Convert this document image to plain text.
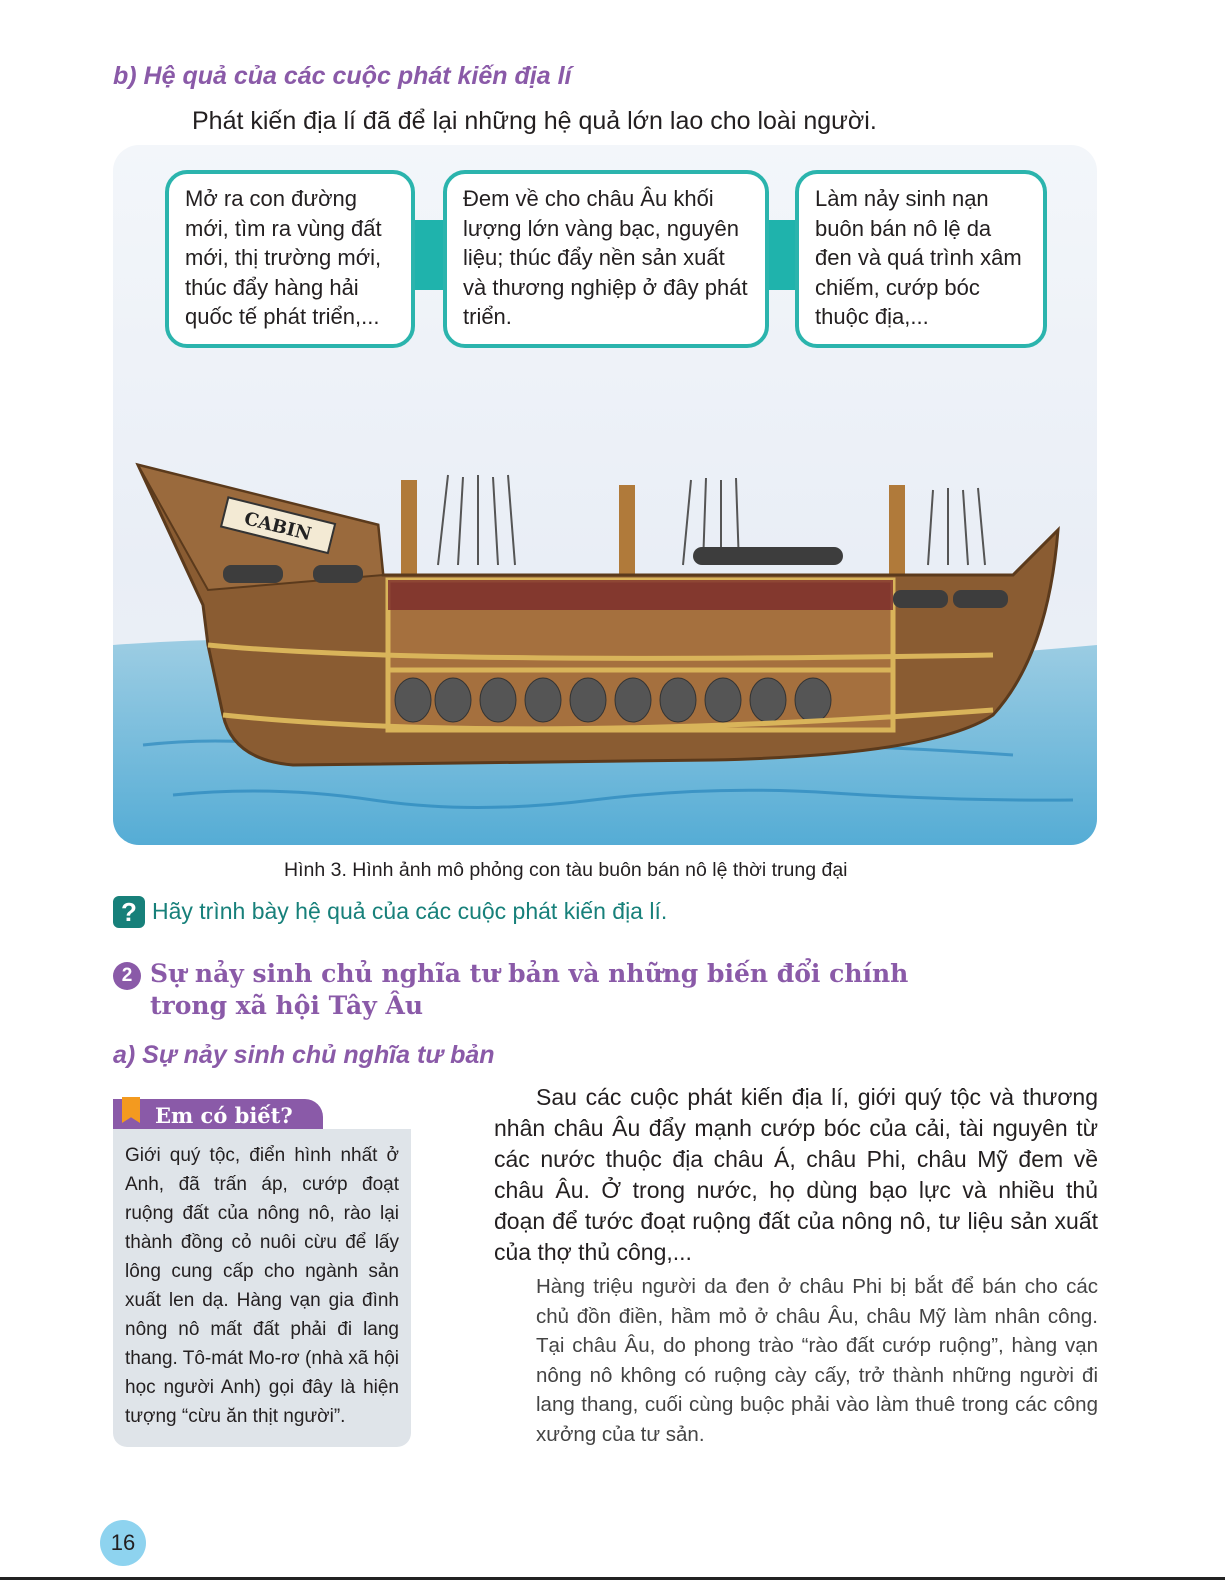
b) Hệ quả của các cuộc phát kiến địa lí
Phát kiến địa lí đã để lại những hệ quả lớn lao cho loài người.
Mở ra con đường mới, tìm ra vùng đất mới, thị trường mới, thúc đẩy hàng hải quốc tế phát triển,...
Đem về cho châu Âu khối lượng lớn vàng bạc, nguyên liệu; thúc đẩy nền sản xuất và thương nghiệp ở đây phát triển.
Làm nảy sinh nạn buôn bán nô lệ da đen và quá trình xâm chiếm, cướp bóc thuộc địa,...
CABIN
Hình 3. Hình ảnh mô phỏng con tàu buôn bán nô lệ thời trung đại
? Hãy trình bày hệ quả của các cuộc phát kiến địa lí.
2 Sự nảy sinh chủ nghĩa tư bản và những biến đổi chính
trong xã hội Tây Âu
a) Sự nảy sinh chủ nghĩa tư bản
Em có biết?
Giới quý tộc, điển hình nhất ở Anh, đã trấn áp, cướp đoạt ruộng đất của nông nô, rào lại thành đồng cỏ nuôi cừu để lấy lông cung cấp cho ngành sản xuất len dạ. Hàng vạn gia đình nông nô mất đất phải đi lang thang. Tô-mát Mo-rơ (nhà xã hội học người Anh) gọi đây là hiện tượng “cừu ăn thịt người”.
Sau các cuộc phát kiến địa lí, giới quý tộc và thương nhân châu Âu đẩy mạnh cướp bóc của cải, tài nguyên từ các nước thuộc địa châu Á, châu Phi, châu Mỹ đem về châu Âu. Ở trong nước, họ dùng bạo lực và nhiều thủ đoạn để tước đoạt ruộng đất của nông nô, tư liệu sản xuất của thợ thủ công,...
Hàng triệu người da đen ở châu Phi bị bắt để bán cho các chủ đồn điền, hầm mỏ ở châu Âu, châu Mỹ làm nhân công. Tại châu Âu, do phong trào “rào đất cướp ruộng”, hàng vạn nông nô không có ruộng cày cấy, trở thành những người đi lang thang, cuối cùng buộc phải vào làm thuê trong các công xưởng của tư sản.
16
